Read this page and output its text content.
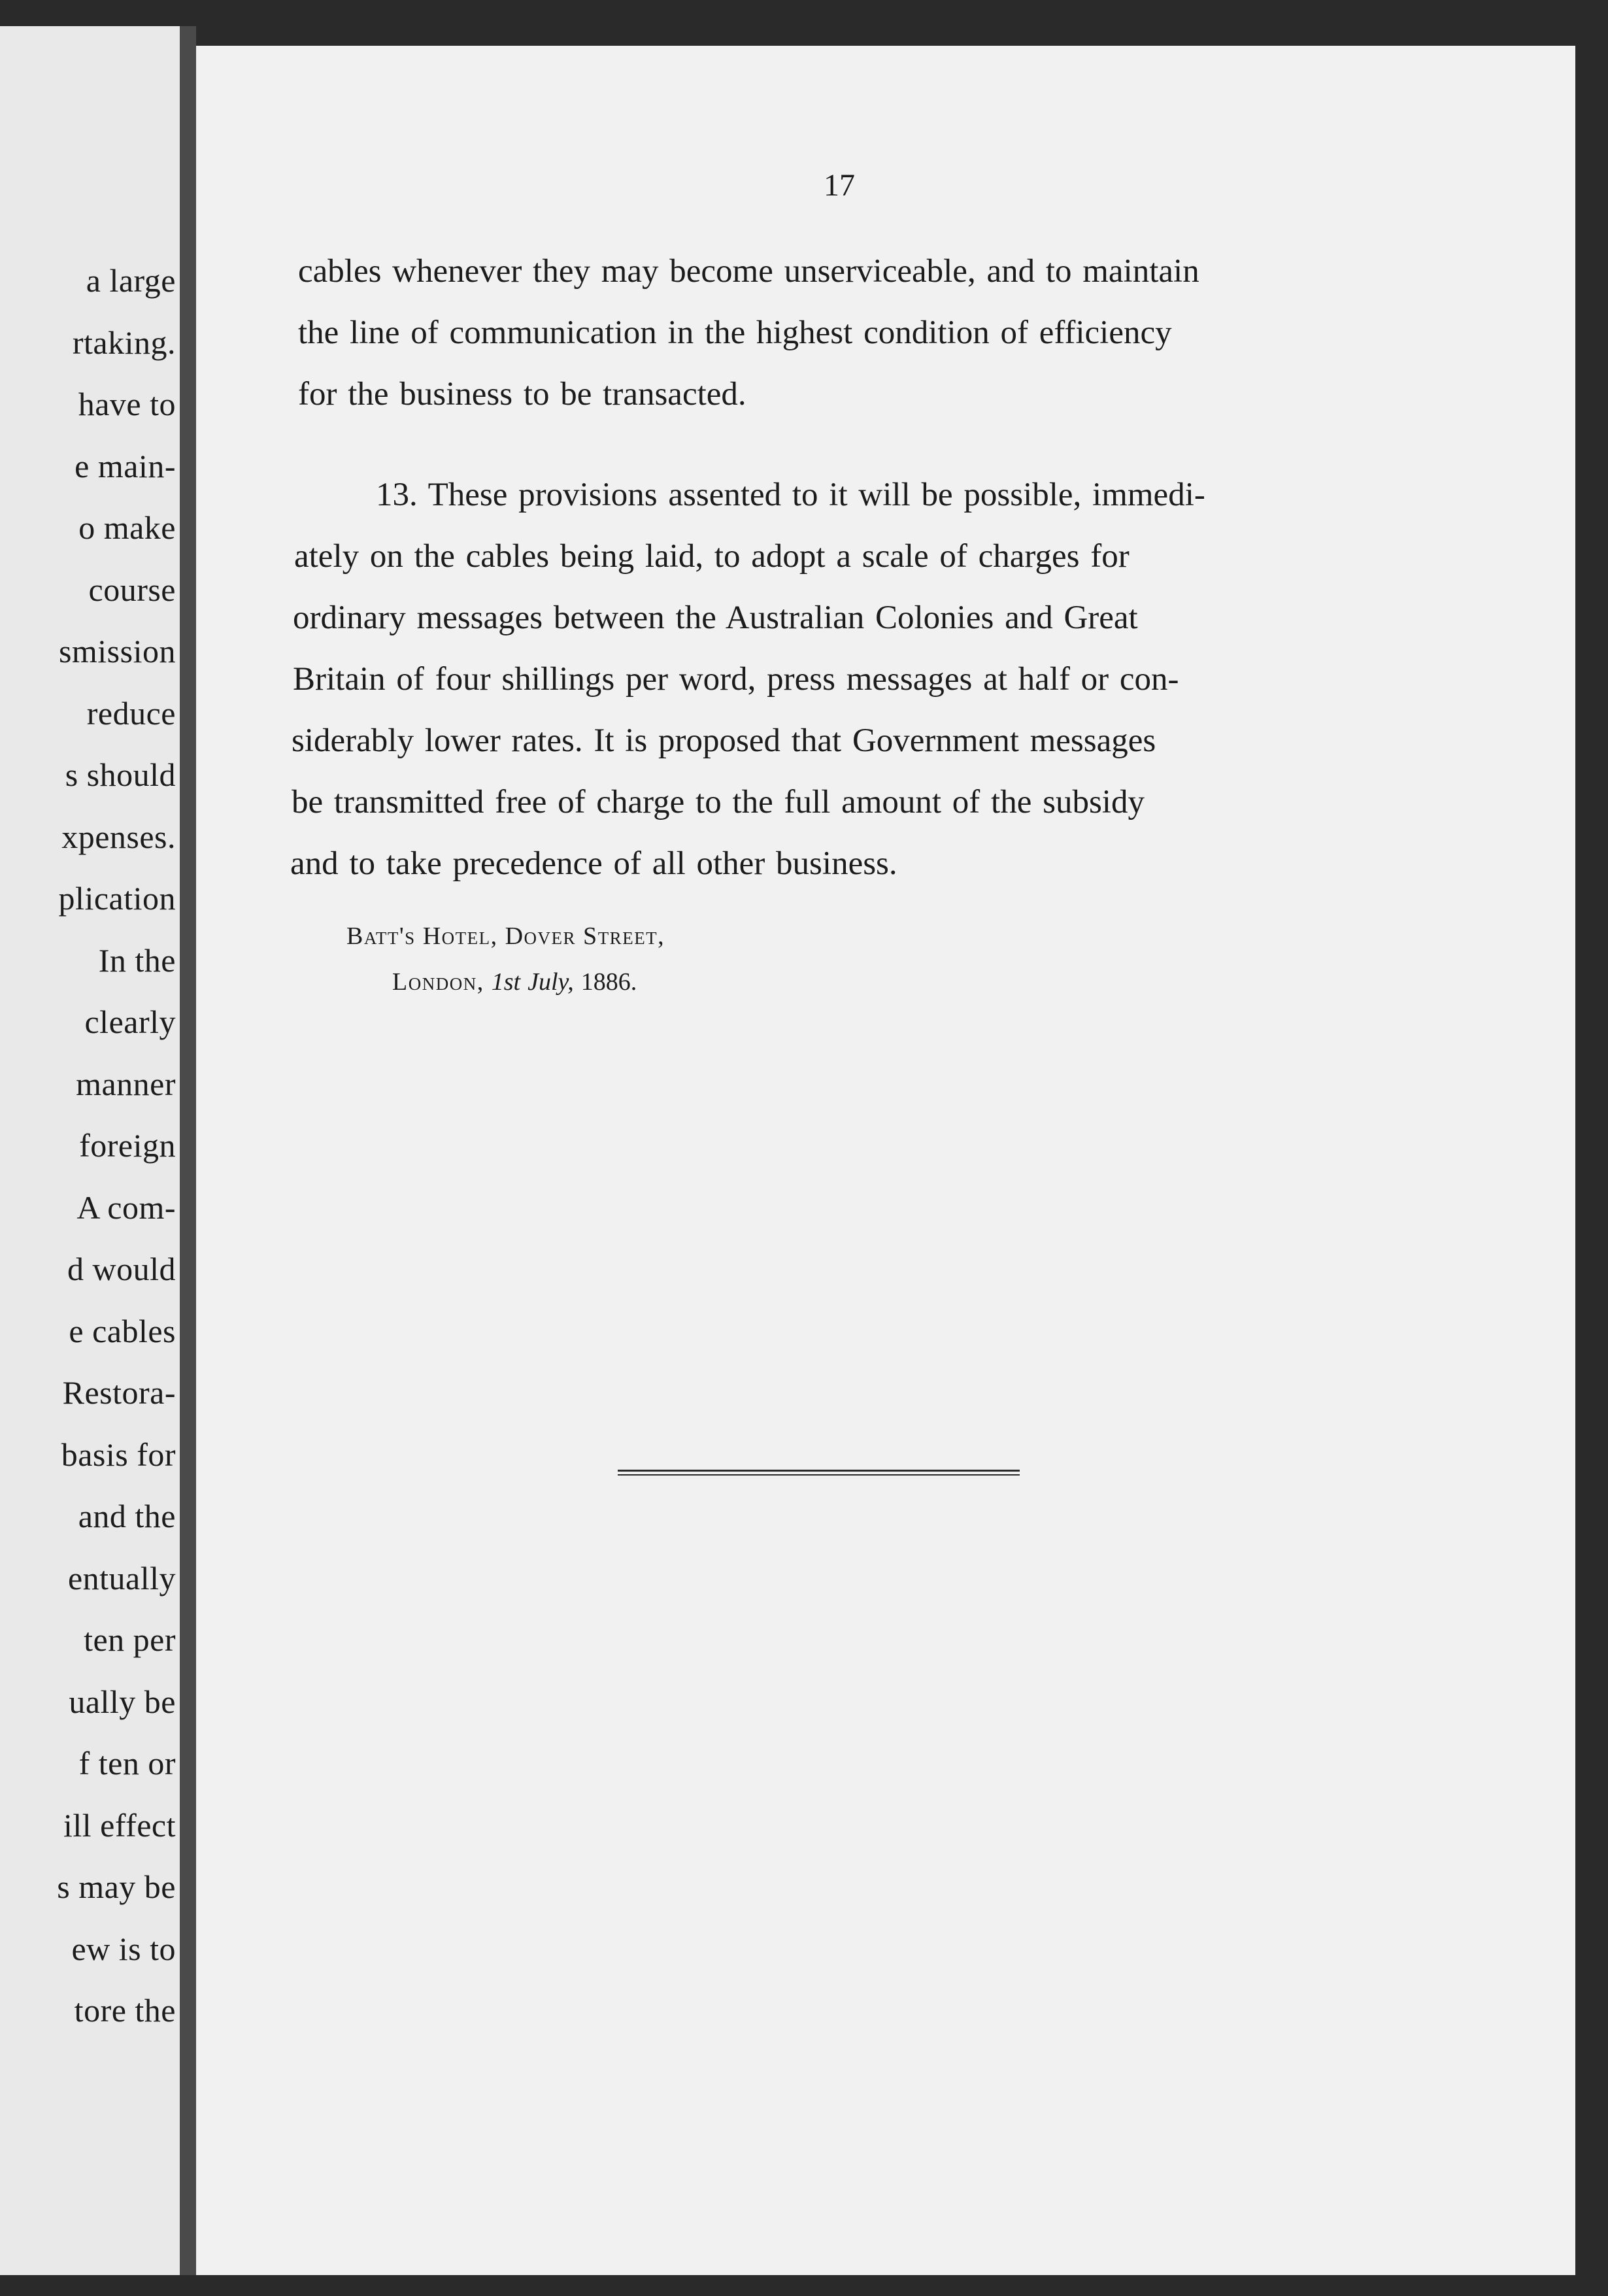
a large
rtaking.
have to
e main-
o make
course
smission
reduce
s should
xpenses.
plication
In the
clearly
manner
foreign
A com-
d would
e cables
Restora-
basis for
and the
entually
ten per
ually be
f ten or
ill effect
s may be
ew is to
tore the
17
cables whenever they may become unserviceable, and to maintain
the line of communication in the highest condition of efficiency
for the business to be transacted.
13. These provisions assented to it will be possible, immedi-
ately on the cables being laid, to adopt a scale of charges for
ordinary messages between the Australian Colonies and Great
Britain of four shillings per word, press messages at half or con-
siderably lower rates. It is proposed that Government messages
be transmitted free of charge to the full amount of the subsidy
and to take precedence of all other business.
Batt's Hotel, Dover Street,
London, 1st July, 1886.
